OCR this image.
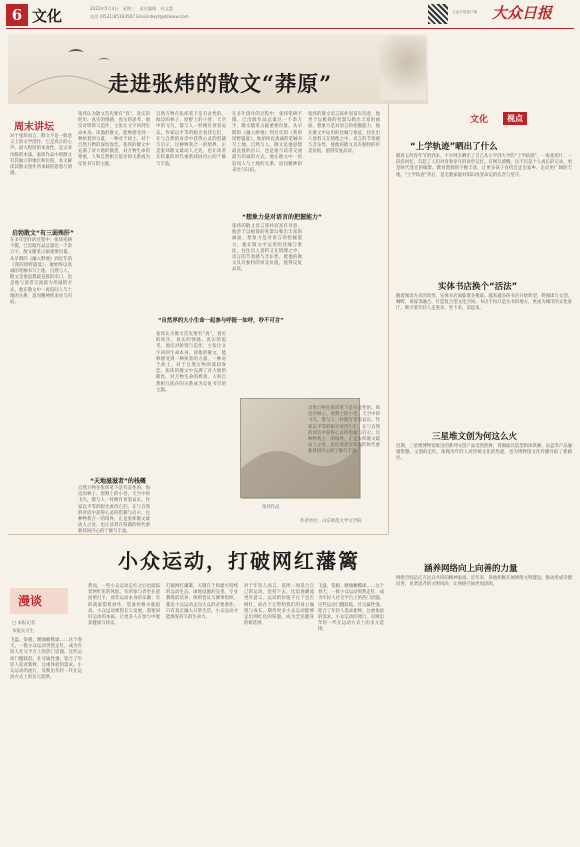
6 文化	2022年5月4日　星期三　责任编辑　杜文慧
电话 (0531)85193507 Email:dwyt@dzwww.com
大众日报客户端 大众日报
走进张炜的散文“莽原”
周末讲坛
对于张炜而言，散文不是一般意义上的文学创作，它是真正的心声。最大程度的本真性，是文章风格的本质。张炜作品中的散文有其独立的地位和价值，本文解读其散文创作所承载的思想与情感。
启勃散文“有三弱殊肝”
在多年创作的过程中，张炜笔耕不辍，已出版作品总量达一千余万字，散文随笔占据重要份量。从早期的《融入野地》到近年的《我的原野盛宴》，他始终以真诚的笔触书写土地、自然与人。散文是他思想最直接的出口，也是他与读者交流最为坦诚的方式。他在散文中一再追问人与土地的关系，追问精神的来处与归宿。
张炜认为散文首先要有“真”，真实的经历、真实的情感、真实的思考。他反对矫饰与造作，主张让文字回到生命本身。读他的散文，能够感受到一种执着的力量，一种对于故土、对于自然万物的深切眷恋。张炜的散文中充满了对大地的敬畏，对万物生命的尊重，人和自然相互依存的关系成为反复书写的主题。
“天地滋滋者”的栈概
自然万物在张炜笔下是有灵性的。海边的林子、原野上的小兽、天空中的飞鸟，都与人一样拥有喜怒哀乐。作家以平等的眼光看待它们，在与自然的对话中获得心灵的慰藉与启示。这种物我合一的境界，正是张炜散文最动人之处，也让读者在喧嚣的时代重新找回内心的宁静与丰盈。
自然万物在张炜笔下是有灵性的。海边的林子、原野上的小兽、天空中的飞鸟，都与人一样拥有喜怒哀乐。作家以平等的眼光看待它们，在与自然的对话中获得心灵的慰藉与启示。这种物我合一的境界，正是张炜散文最动人之处，也让读者在喧嚣的时代重新找回内心的宁静与丰盈。
“自然界的大小生命一起参与呼挺一如呼，吵不可言”
张炜认为散文首先要有“真”，真实的经历、真实的情感、真实的思考。他反对矫饰与造作，主张让文字回到生命本身。读他的散文，能够感受到一种执着的力量，一种对于故土、对于自然万物的深切眷恋。张炜的散文中充满了对大地的敬畏，对万物生命的尊重，人和自然相互依存的关系成为反复书写的主题。
在多年创作的过程中，张炜笔耕不辍，已出版作品总量达一千余万字，散文随笔占据重要份量。从早期的《融入野地》到近年的《我的原野盛宴》，他始终以真诚的笔触书写土地、自然与人。散文是他思想最直接的出口，也是他与读者交流最为坦诚的方式。他在散文中一再追问人与土地的关系，追问精神的来处与归宿。
“想象力是对语言的把握能力”
张炜的散文语言质朴而富有诗意，他善于以极简的笔墨勾勒出丰富的画面。想象力是对语言的把握能力，他在散文中运用的比喻与象征，往往出人意料又在情理之中。语言的节奏感与音乐性，使他的散文具有独特的审美价值，值得反复品读。
张炜的散文语言质朴而富有诗意，他善于以极简的笔墨勾勒出丰富的画面。想象力是对语言的把握能力，他在散文中运用的比喻与象征，往往出人意料又在情理之中。语言的节奏感与音乐性，使他的散文具有独特的审美价值，值得反复品读。
张炜作品
自然万物在张炜笔下是有灵性的。海边的林子、原野上的小兽、天空中的飞鸟，都与人一样拥有喜怒哀乐。作家以平等的眼光看待它们，在与自然的对话中获得心灵的慰藉与启示。这种物我合一的境界，正是张炜散文最动人之处，也让读者在喧嚣的时代重新找回内心的宁静与丰盈。
作者单位：山东师范大学文学院
文化	视点
“上学轨迹”晒出了什么
随着五四青年节的到来，不少网友晒出了自己从小学到大学的“上学轨迹”，一张张照片、一段段回忆，勾起了人们对青春岁月的珍贵记忆。有网友感慨，这不仅是个人成长的记录，更是时代变迁的缩影。教育资源的不断丰富，让更多孩子有机会走出家乡、走向更广阔的天地。“上学轨迹”背后，是无数家庭对知识改变命运的信念与坚守。
实体书店换个“活法”
随着阅读方式的改变，实体书店面临诸多挑战。越来越多的书店开始转型，将阅读与文创、咖啡、讲座等融合，打造复合型文化空间。书店不再只是买书的地方，更成为城市的文化客厅，吸引着年轻人走进来、坐下来、读起来。
三星堆文创为何这么火
近期，三星堆博物馆推出的系列文创产品受到热捧，青铜面具造型的冰淇淋、盲盒等产品屡屡售罄。文创的走红，体现出年轻人对传统文化的热爱，也为博物馆文化传播开辟了新路径。
涵养网络向上向善的力量
网络空间是亿万民众共同的精神家园。近年来，各地积极开展网络文明建设，推动形成崇德向善、见贤思齐的文明风尚，让网络空间更加清朗。
小众运动，打破网红藩篱
漫谈
□ 本报记者
本报实习生
飞盘、桨板、腰旗橄榄球……这个春天，一批小众运动突然走红，成为年轻人社交平台上的热门话题。这些运动门槛较低、社交属性强，迎合了年轻人追求新鲜、注重体验的需求。小众运动的流行，反映出年轻一代在运动方式上的多元选择。
然而，一些小众运动走红之后也面临着网红化的风险。有的参与者更在意拍照打卡，而非运动本身的乐趣；有的商家借机炒作，装备价格水涨船高。小众运动要想长久发展，需要回归运动的本质，让更多人在参与中收获健康与快乐。
打破网红藩篱，关键在于构建可持续的运动生态。场地设施的完善、专业教练的培养、规则普及与赛事组织，都是小众运动走向大众的必要条件。只有真正融入日常生活，小众运动才能焕发持久的生命力。
对于年轻人而言，选择一项适合自己的运动，坚持下去，比追逐潮流更有意义。运动的价值不在于是否网红，而在于它带给我们的身心愉悦与成长。期待更多小众运动能够走出网红化的喧嚣，成为全民健身的新选择。
飞盘、桨板、腰旗橄榄球……这个春天，一批小众运动突然走红，成为年轻人社交平台上的热门话题。这些运动门槛较低、社交属性强，迎合了年轻人追求新鲜、注重体验的需求。小众运动的流行，反映出年轻一代在运动方式上的多元选择。
